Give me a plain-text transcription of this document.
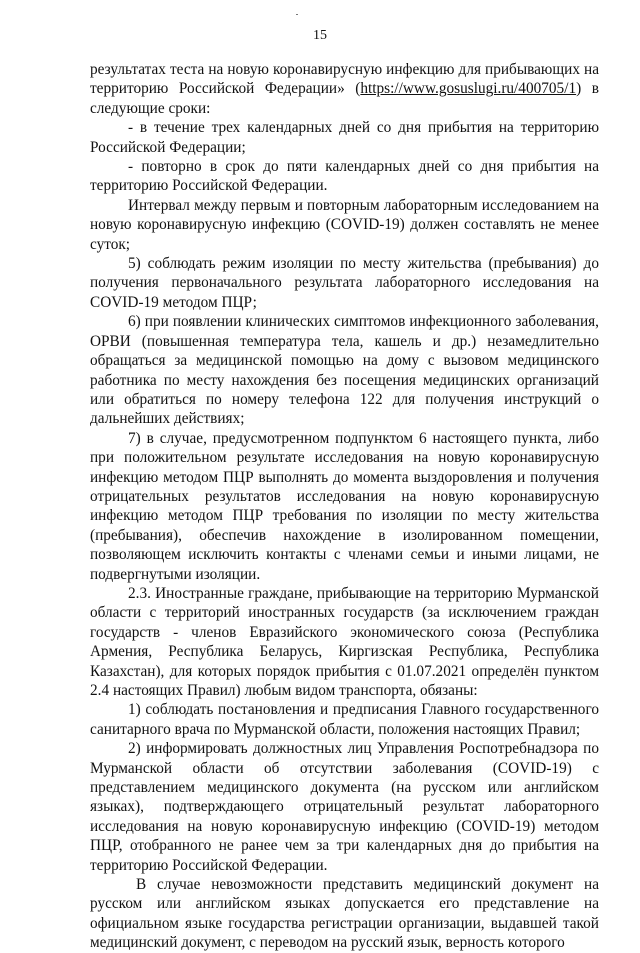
15

результатах теста на новую коронавирусную инфекцию для прибывающих на территорию Российской Федерации» (https://www.gosuslugi.ru/400705/1) в следующие сроки:

- в течение трех календарных дней со дня прибытия на территорию Российской Федерации;

- повторно в срок до пяти календарных дней со дня прибытия на территорию Российской Федерации.

Интервал между первым и повторным лабораторным исследованием на новую коронавирусную инфекцию (COVID-19) должен составлять не менее суток;

5) соблюдать режим изоляции по месту жительства (пребывания) до получения первоначального результата лабораторного исследования на COVID-19 методом ПЦР;

6) при появлении клинических симптомов инфекционного заболевания, ОРВИ (повышенная температура тела, кашель и др.) незамедлительно обращаться за медицинской помощью на дому с вызовом медицинского работника по месту нахождения без посещения медицинских организаций или обратиться по номеру телефона 122 для получения инструкций о дальнейших действиях;

7) в случае, предусмотренном подпунктом 6 настоящего пункта, либо при положительном результате исследования на новую коронавирусную инфекцию методом ПЦР выполнять до момента выздоровления и получения отрицательных результатов исследования на новую коронавирусную инфекцию методом ПЦР требования по изоляции по месту жительства (пребывания), обеспечив нахождение в изолированном помещении, позволяющем исключить контакты с членами семьи и иными лицами, не подвергнутыми изоляции.

2.3. Иностранные граждане, прибывающие на территорию Мурманской области с территорий иностранных государств (за исключением граждан государств - членов Евразийского экономического союза (Республика Армения, Республика Беларусь, Киргизская Республика, Республика Казахстан), для которых порядок прибытия с 01.07.2021 определён пунктом 2.4 настоящих Правил) любым видом транспорта, обязаны:

1) соблюдать постановления и предписания Главного государственного санитарного врача по Мурманской области, положения настоящих Правил;

2) информировать должностных лиц Управления Роспотребнадзора по Мурманской области об отсутствии заболевания (COVID-19) с представлением медицинского документа (на русском или английском языках), подтверждающего отрицательный результат лабораторного исследования на новую коронавирусную инфекцию (COVID-19) методом ПЦР, отобранного не ранее чем за три календарных дня до прибытия на территорию Российской Федерации.

В случае невозможности представить медицинский документ на русском или английском языках допускается его представление на официальном языке государства регистрации организации, выдавшей такой медицинский документ, с переводом на русский язык, верность которого
